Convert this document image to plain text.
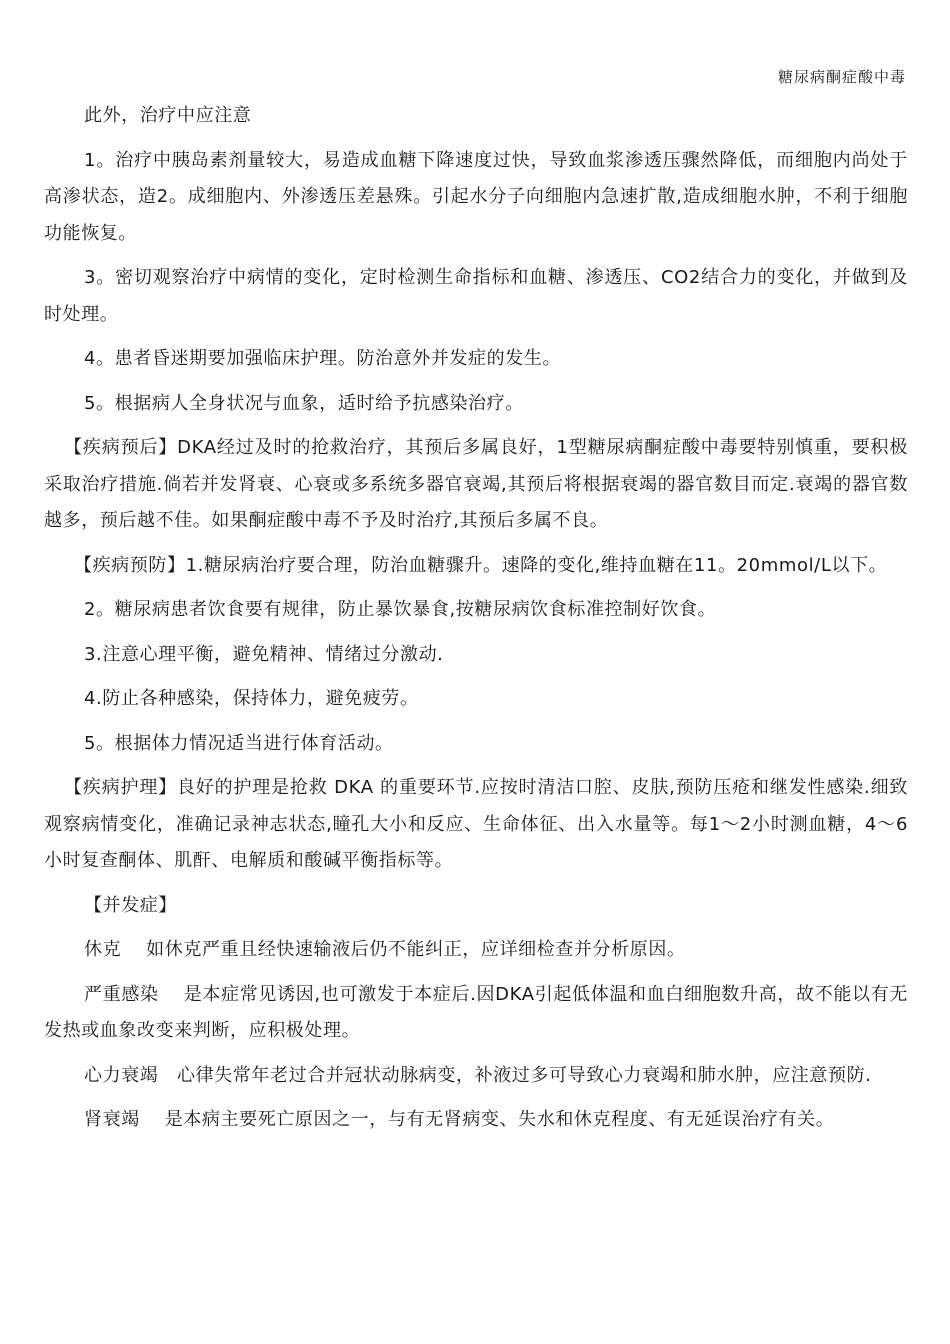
糖尿病酮症酸中毒

此外，治疗中应注意

1。治疗中胰岛素剂量较大，易造成血糖下降速度过快，导致血浆渗透压骤然降低，而细胞内尚处于高渗状态，造2。成细胞内、外渗透压差悬殊。引起水分子向细胞内急速扩散,造成细胞水肿，不利于细胞功能恢复。

3。密切观察治疗中病情的变化，定时检测生命指标和血糖、渗透压、CO2结合力的变化，并做到及时处理。

4。患者昏迷期要加强临床护理。防治意外并发症的发生。

5。根据病人全身状况与血象，适时给予抗感染治疗。

【疾病预后】DKA经过及时的抢救治疗，其预后多属良好，1型糖尿病酮症酸中毒要特别慎重，要积极采取治疗措施.倘若并发肾衰、心衰或多系统多器官衰竭,其预后将根据衰竭的器官数目而定.衰竭的器官数越多，预后越不佳。如果酮症酸中毒不予及时治疗,其预后多属不良。

【疾病预防】1.糖尿病治疗要合理，防治血糖骤升。速降的变化,维持血糖在11。20mmol/L以下。

2。糖尿病患者饮食要有规律，防止暴饮暴食,按糖尿病饮食标准控制好饮食。

3.注意心理平衡，避免精神、情绪过分激动.

4.防止各种感染，保持体力，避免疲劳。

5。根据体力情况适当进行体育活动。

【疾病护理】良好的护理是抢救 DKA 的重要环节.应按时清洁口腔、皮肤,预防压疮和继发性感染.细致观察病情变化，准确记录神志状态,瞳孔大小和反应、生命体征、出入水量等。每1～2小时测血糖，4～6小时复查酮体、肌酐、电解质和酸碱平衡指标等。

【并发症】

休克　 如休克严重且经快速输液后仍不能纠正，应详细检查并分析原因。

严重感染　 是本症常见诱因,也可激发于本症后.因DKA引起低体温和血白细胞数升高，故不能以有无发热或血象改变来判断，应积极处理。

心力衰竭　心律失常年老过合并冠状动脉病变，补液过多可导致心力衰竭和肺水肿，应注意预防.

肾衰竭　 是本病主要死亡原因之一，与有无肾病变、失水和休克程度、有无延误治疗有关。
